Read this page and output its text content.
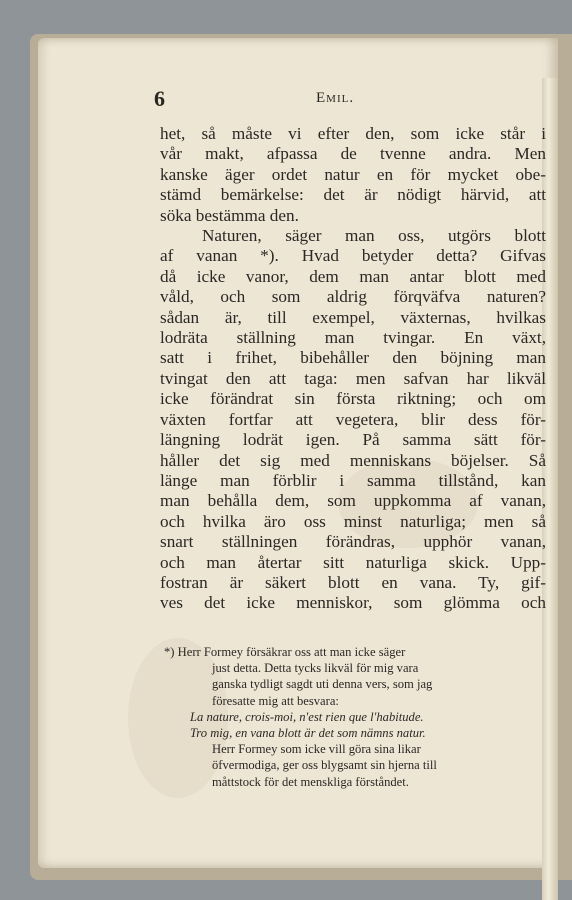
6	Emil.
het, så måste vi efter den, som icke står i
vår makt, afpassa de tvenne andra. Men
kanske äger ordet natur en för mycket obe-
stämd bemärkelse: det är nödigt härvid, att
söka bestämma den.
Naturen, säger man oss, utgörs blott
af vanan *). Hvad betyder detta? Gifvas
då icke vanor, dem man antar blott med
våld, och som aldrig förqväfva naturen?
sådan är, till exempel, växternas, hvilkas
lodräta ställning man tvingar. En växt,
satt i frihet, bibehåller den böjning man
tvingat den att taga: men safvan har likväl
icke förändrat sin första riktning; och om
växten fortfar att vegetera, blir dess för-
längning lodrät igen. På samma sätt för-
håller det sig med menniskans böjelser. Så
länge man förblir i samma tillstånd, kan
man behålla dem, som uppkomma af vanan,
och hvilka äro oss minst naturliga; men så
snart ställningen förändras, upphör vanan,
och man återtar sitt naturliga skick. Upp-
fostran är säkert blott en vana. Ty, gif-
ves det icke menniskor, som glömma och
*) Herr Formey försäkrar oss att man icke säger
just detta. Detta tycks likväl för mig vara
ganska tydligt sagdt uti denna vers, som jag
föresatte mig att besvara:
La nature, crois-moi, n'est rien que l'habitude.
Tro mig, en vana blott är det som nämns natur.
Herr Formey som icke vill göra sina likar
öfvermodiga, ger oss blygsamt sin hjerna till
måttstock för det menskliga förståndet.
